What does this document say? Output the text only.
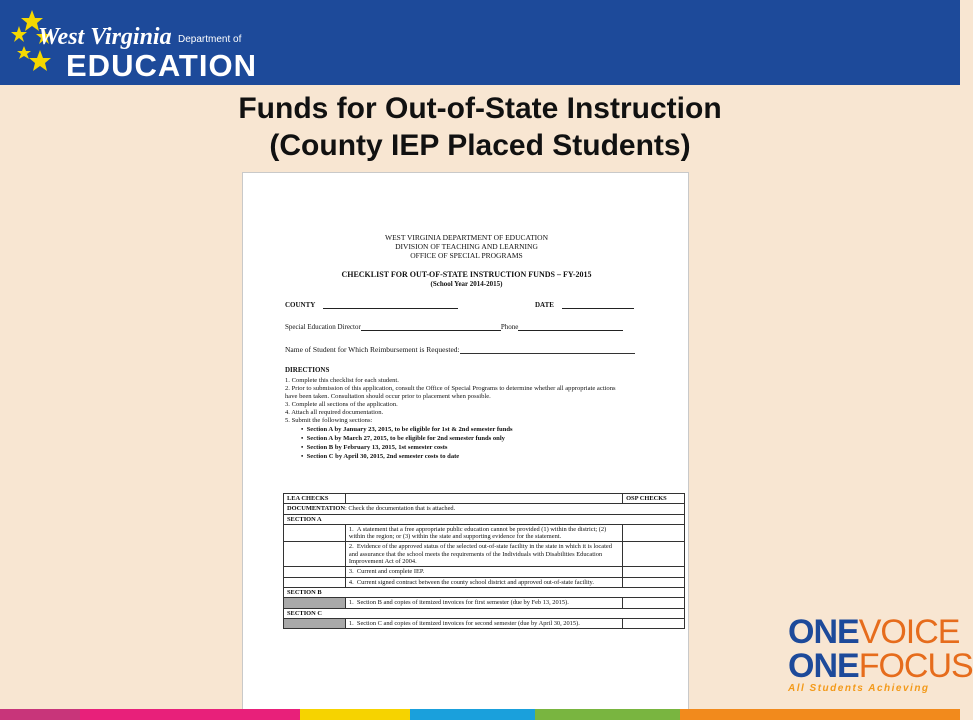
West Virginia Department of
EDUCATION
Funds for Out-of-State Instruction
(County IEP Placed Students)
WEST VIRGINIA DEPARTMENT OF EDUCATION
DIVISION OF TEACHING AND LEARNING
OFFICE OF SPECIAL PROGRAMS
CHECKLIST FOR OUT-OF-STATE INSTRUCTION FUNDS – FY-2015
(School Year 2014-2015)
COUNTY	DATE
Special Education Director	Phone
Name of Student for Which Reimbursement is Requested:
DIRECTIONS
1. Complete this checklist for each student.
2. Prior to submission of this application, consult the Office of Special Programs to determine whether all appropriate actions
have been taken. Consultation should occur prior to placement when possible.
3. Complete all sections of the application.
4. Attach all required documentation.
5. Submit the following sections:
•  Section A by January 23, 2015, to be eligible for 1st & 2nd semester funds
•  Section A by March 27, 2015, to be eligible for 2nd semester funds only
•  Section B by February 13, 2015, 1st semester costs
•  Section C by April 30, 2015, 2nd semester costs to date
LEA CHECKS		OSP CHECKS
DOCUMENTATION: Check the documentation that is attached.		
SECTION A		
	1. A statement that a free appropriate public education cannot be provided (1) within the district; (2) within the region; or (3) within the state and supporting evidence for the statement.	
	2. Evidence of the approved status of the selected out-of-state facility in the state in which it is located and assurance that the school meets the requirements of the Individuals with Disabilities Education Improvement Act of 2004.	
	3. Current and complete IEP.	
	4. Current signed contract between the county school district and approved out-of-state facility.	
SECTION B		
	1. Section B and copies of itemized invoices for first semester (due by Feb 13, 2015).	
SECTION C		
	1. Section C and copies of itemized invoices for second semester (due by April 30, 2015).		ONEVOICE
ONEFOCUS
All Students Achieving
